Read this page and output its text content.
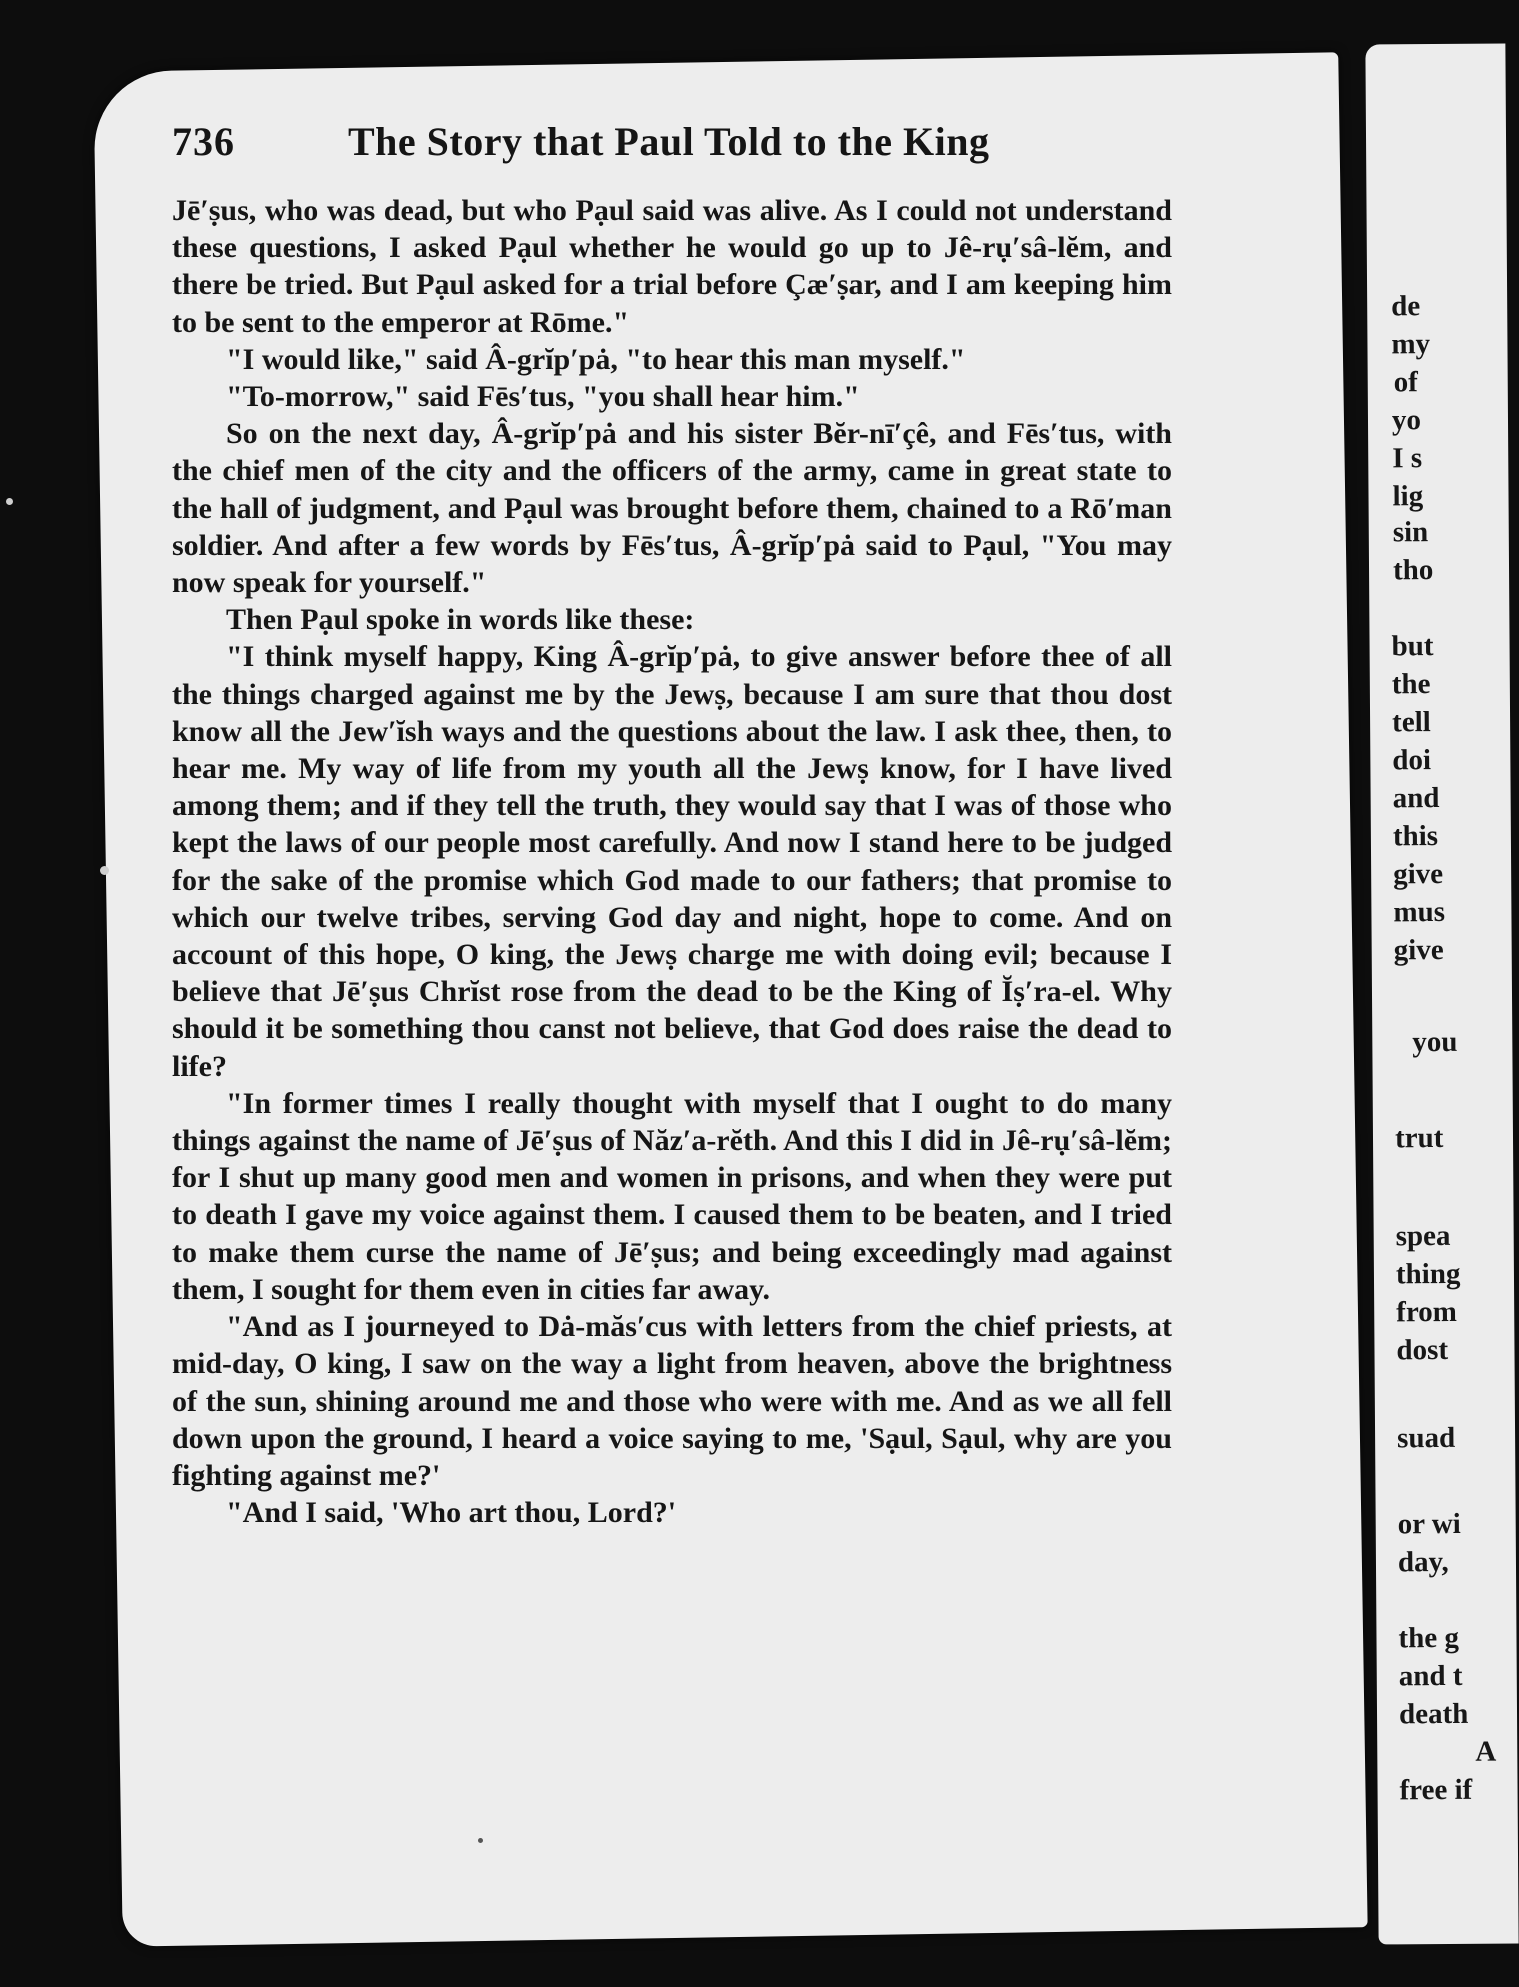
736	The Story that Paul Told to the King

Jē′ṣus, who was dead, but who Pạul said was alive. As I could not understand these questions, I asked Pạul whether he would go up to Jê-rụ′sâ-lĕm, and there be tried. But Pạul asked for a trial before Çæ′ṣar, and I am keeping him to be sent to the emperor at Rōme."

"I would like," said Â-grĭp′pȧ, "to hear this man myself."

"To-morrow," said Fēs′tus, "you shall hear him."

So on the next day, Â-grĭp′pȧ and his sister Bĕr-nī′çê, and Fēs′tus, with the chief men of the city and the officers of the army, came in great state to the hall of judgment, and Pạul was brought before them, chained to a Rō′man soldier. And after a few words by Fēs′tus, Â-grĭp′pȧ said to Pạul, "You may now speak for yourself."

Then Pạul spoke in words like these:

"I think myself happy, King Â-grĭp′pȧ, to give answer before thee of all the things charged against me by the Jewṣ, because I am sure that thou dost know all the Jew′ĭsh ways and the questions about the law. I ask thee, then, to hear me. My way of life from my youth all the Jewṣ know, for I have lived among them; and if they tell the truth, they would say that I was of those who kept the laws of our people most carefully. And now I stand here to be judged for the sake of the promise which God made to our fathers; that promise to which our twelve tribes, serving God day and night, hope to come. And on account of this hope, O king, the Jewṣ charge me with doing evil; because I believe that Jē′ṣus Chrĭst rose from the dead to be the King of Ĭṣ′ra-el. Why should it be something thou canst not believe, that God does raise the dead to life?

"In former times I really thought with myself that I ought to do many things against the name of Jē′ṣus of Năz′a-rĕth. And this I did in Jê-rụ′sâ-lĕm; for I shut up many good men and women in prisons, and when they were put to death I gave my voice against them. I caused them to be beaten, and I tried to make them curse the name of Jē′ṣus; and being exceedingly mad against them, I sought for them even in cities far away.

"And as I journeyed to Dȧ-măs′cus with letters from the chief priests, at mid-day, O king, I saw on the way a light from heaven, above the brightness of the sun, shining around me and those who were with me. And as we all fell down upon the ground, I heard a voice saying to me, 'Sạul, Sạul, why are you fighting against me?'

"And I said, 'Who art thou, Lord?'

de
my
of
yo
I s
lig
sin
tho
but
the
tell
doi
and
this
give
mus
give
you
trut
spea
thing
from
dost
suad
or wi
day,
the g
and t
death
A
free if
